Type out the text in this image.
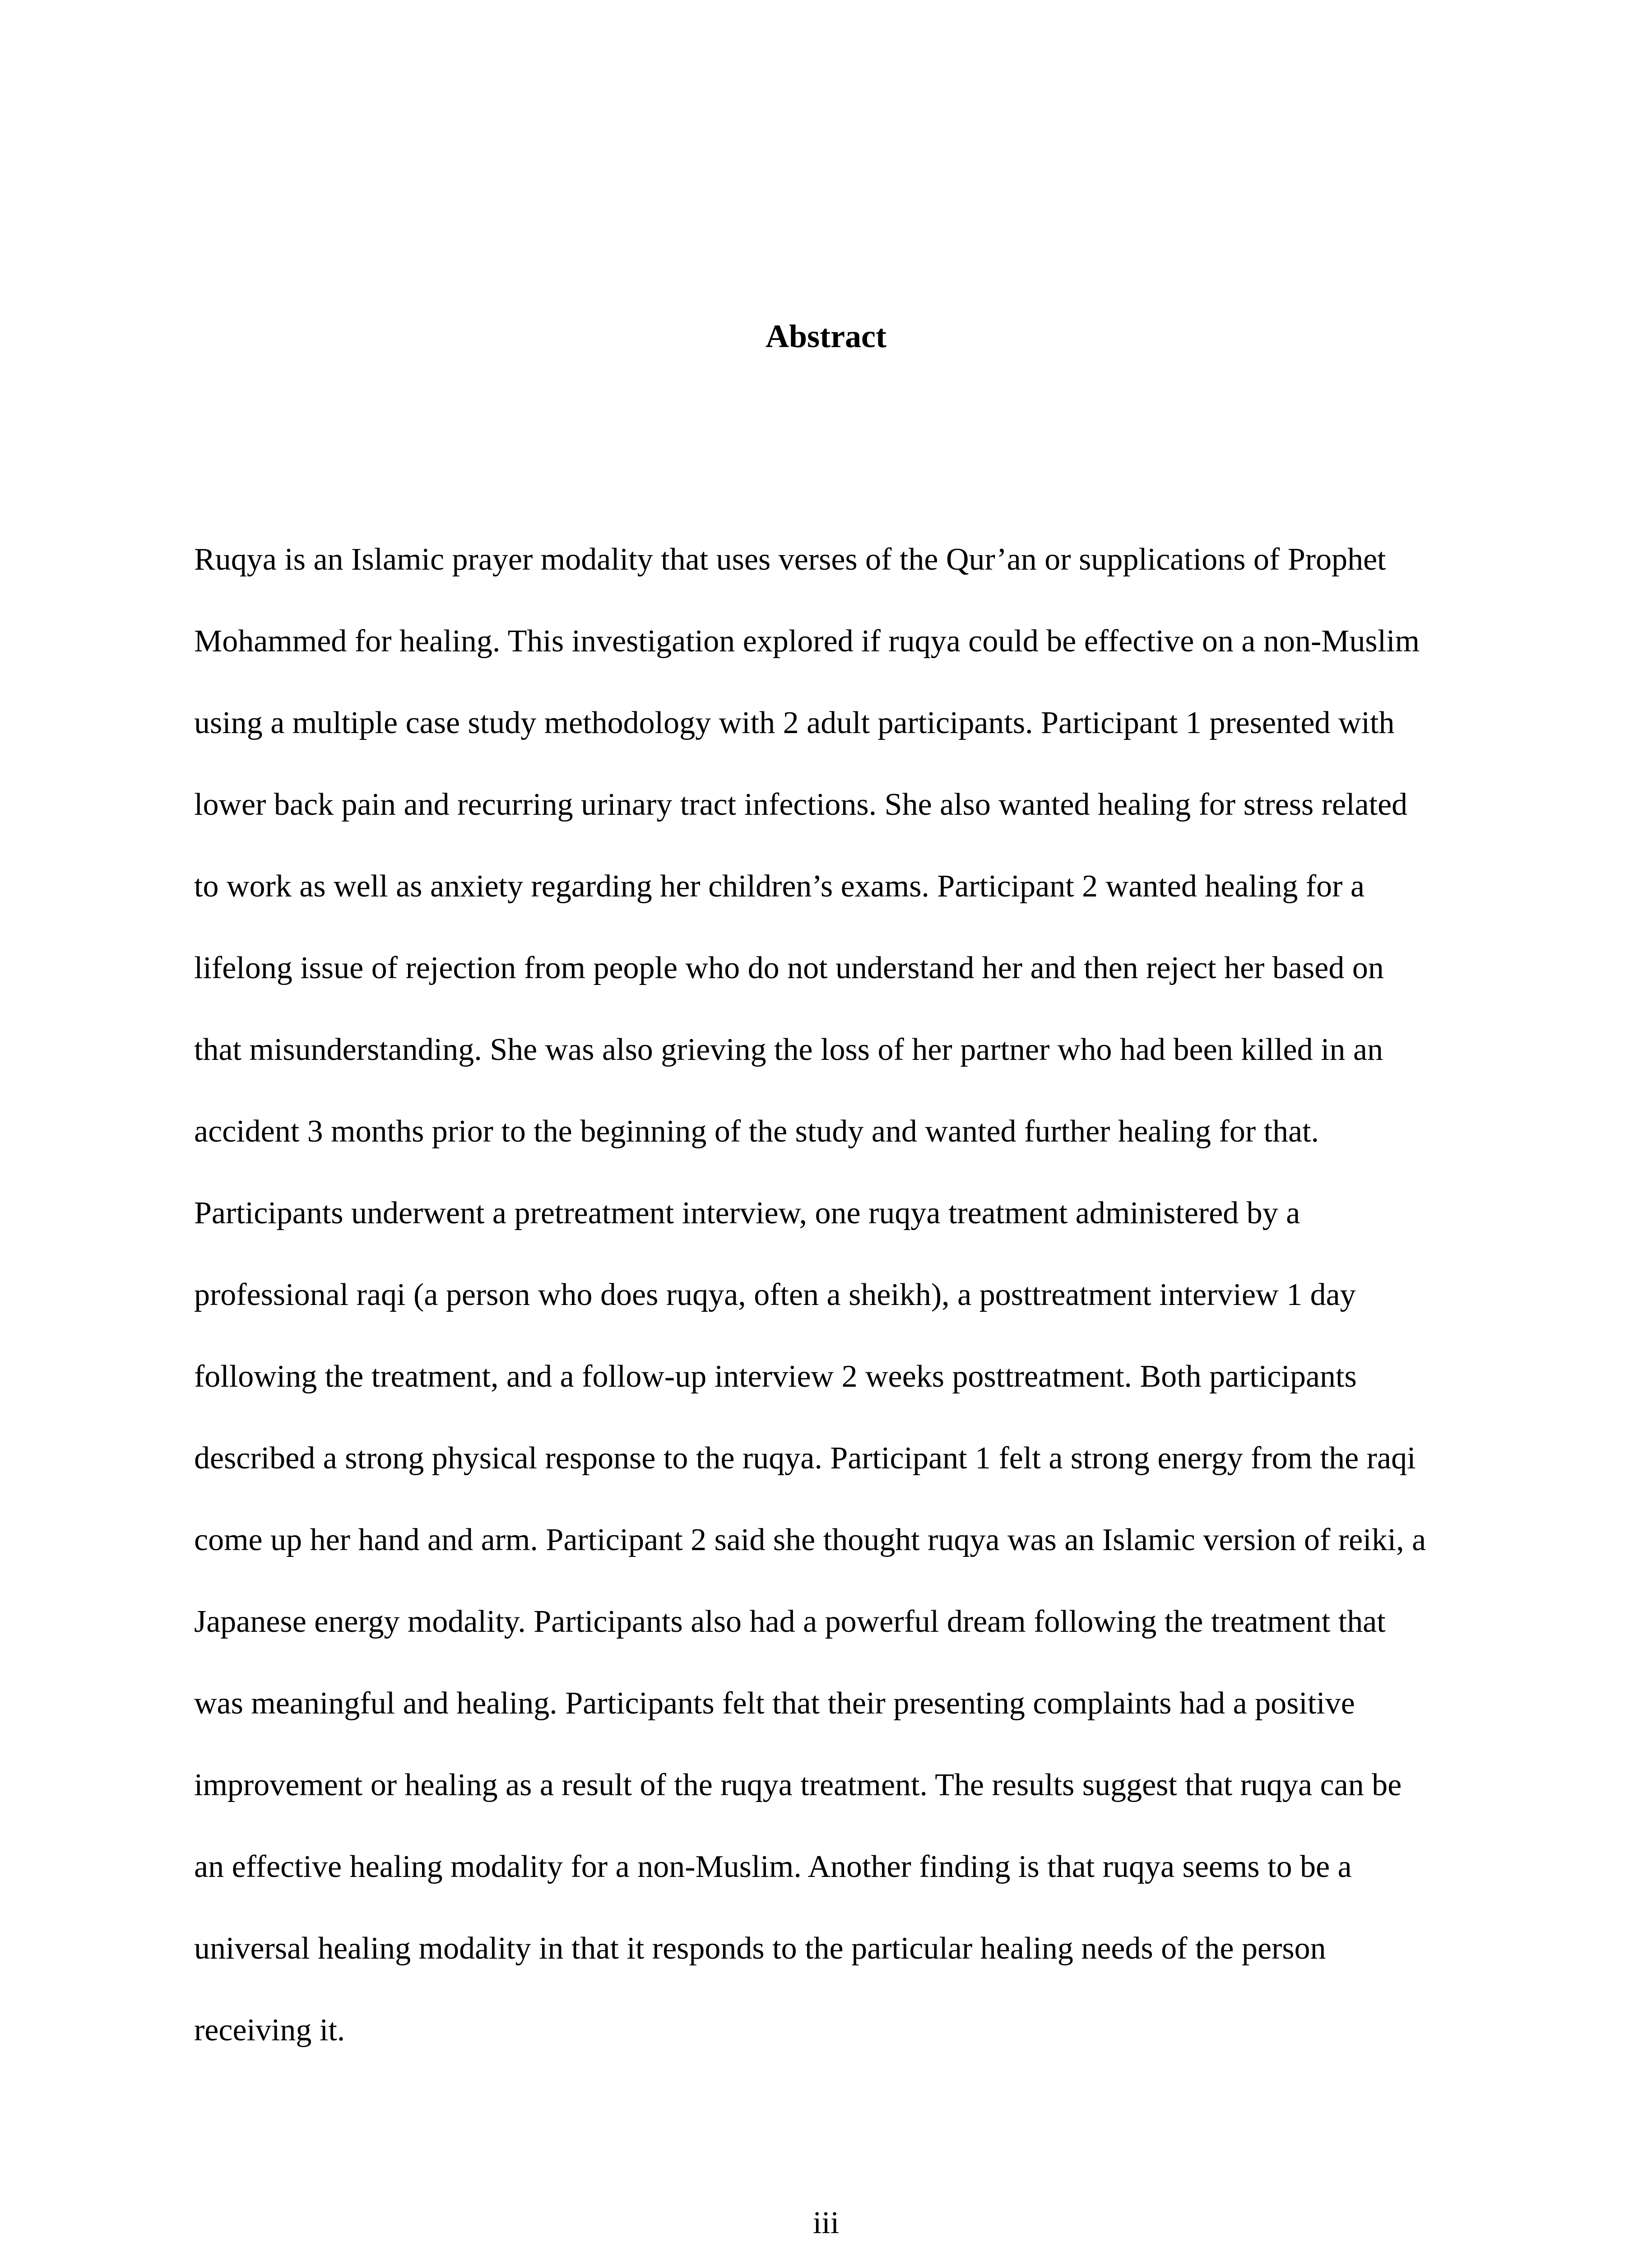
Abstract
Ruqya is an Islamic prayer modality that uses verses of the Qur’an or supplications of Prophet
Mohammed for healing. This investigation explored if ruqya could be effective on a non-Muslim
using a multiple case study methodology with 2 adult participants. Participant 1 presented with
lower back pain and recurring urinary tract infections. She also wanted healing for stress related
to work as well as anxiety regarding her children’s exams. Participant 2 wanted healing for a
lifelong issue of rejection from people who do not understand her and then reject her based on
that misunderstanding. She was also grieving the loss of her partner who had been killed in an
accident 3 months prior to the beginning of the study and wanted further healing for that.
Participants underwent a pretreatment interview, one ruqya treatment administered by a
professional raqi (a person who does ruqya, often a sheikh), a posttreatment interview 1 day
following the treatment, and a follow-up interview 2 weeks posttreatment. Both participants
described a strong physical response to the ruqya. Participant 1 felt a strong energy from the raqi
come up her hand and arm. Participant 2 said she thought ruqya was an Islamic version of reiki, a
Japanese energy modality. Participants also had a powerful dream following the treatment that
was meaningful and healing. Participants felt that their presenting complaints had a positive
improvement or healing as a result of the ruqya treatment. The results suggest that ruqya can be
an effective healing modality for a non-Muslim. Another finding is that ruqya seems to be a
universal healing modality in that it responds to the particular healing needs of the person
receiving it.
iii
